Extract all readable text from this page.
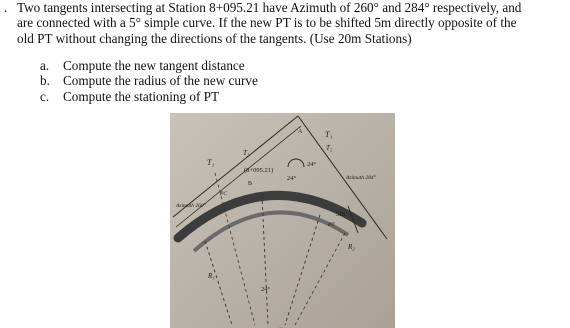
. Two tangents intersecting at Station 8+095.21 have Azimuth of 260° and 284° respectively, and
are connected with a 5° simple curve. If the new PT is to be shifted 5m directly opposite of the
old PT without changing the directions of the tangents. (Use 20m Stations)
a. Compute the new tangent distance
b. Compute the radius of the new curve
c. Compute the stationing of PT
T₁
T₁
T₂
T₂
(8+095.21)
24°
24°
24°
Azimuth 260°
Azimuth 284°
PC
PT
5m
R₁
R₂
A
B
